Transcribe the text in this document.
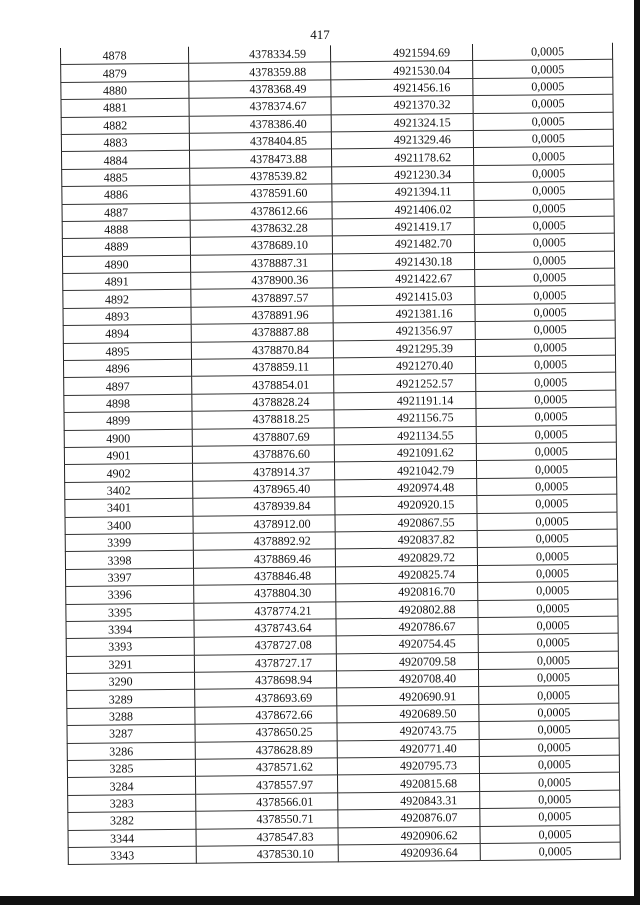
417
4878	4378334.59	4921594.69	0,0005
4879	4378359.88	4921530.04	0,0005
4880	4378368.49	4921456.16	0,0005
4881	4378374.67	4921370.32	0,0005
4882	4378386.40	4921324.15	0,0005
4883	4378404.85	4921329.46	0,0005
4884	4378473.88	4921178.62	0,0005
4885	4378539.82	4921230.34	0,0005
4886	4378591.60	4921394.11	0,0005
4887	4378612.66	4921406.02	0,0005
4888	4378632.28	4921419.17	0,0005
4889	4378689.10	4921482.70	0,0005
4890	4378887.31	4921430.18	0,0005
4891	4378900.36	4921422.67	0,0005
4892	4378897.57	4921415.03	0,0005
4893	4378891.96	4921381.16	0,0005
4894	4378887.88	4921356.97	0,0005
4895	4378870.84	4921295.39	0,0005
4896	4378859.11	4921270.40	0,0005
4897	4378854.01	4921252.57	0,0005
4898	4378828.24	4921191.14	0,0005
4899	4378818.25	4921156.75	0,0005
4900	4378807.69	4921134.55	0,0005
4901	4378876.60	4921091.62	0,0005
4902	4378914.37	4921042.79	0,0005
3402	4378965.40	4920974.48	0,0005
3401	4378939.84	4920920.15	0,0005
3400	4378912.00	4920867.55	0,0005
3399	4378892.92	4920837.82	0,0005
3398	4378869.46	4920829.72	0,0005
3397	4378846.48	4920825.74	0,0005
3396	4378804.30	4920816.70	0,0005
3395	4378774.21	4920802.88	0,0005
3394	4378743.64	4920786.67	0,0005
3393	4378727.08	4920754.45	0,0005
3291	4378727.17	4920709.58	0,0005
3290	4378698.94	4920708.40	0,0005
3289	4378693.69	4920690.91	0,0005
3288	4378672.66	4920689.50	0,0005
3287	4378650.25	4920743.75	0,0005
3286	4378628.89	4920771.40	0,0005
3285	4378571.62	4920795.73	0,0005
3284	4378557.97	4920815.68	0,0005
3283	4378566.01	4920843.31	0,0005
3282	4378550.71	4920876.07	0,0005
3344	4378547.83	4920906.62	0,0005
3343	4378530.10	4920936.64	0,0005
